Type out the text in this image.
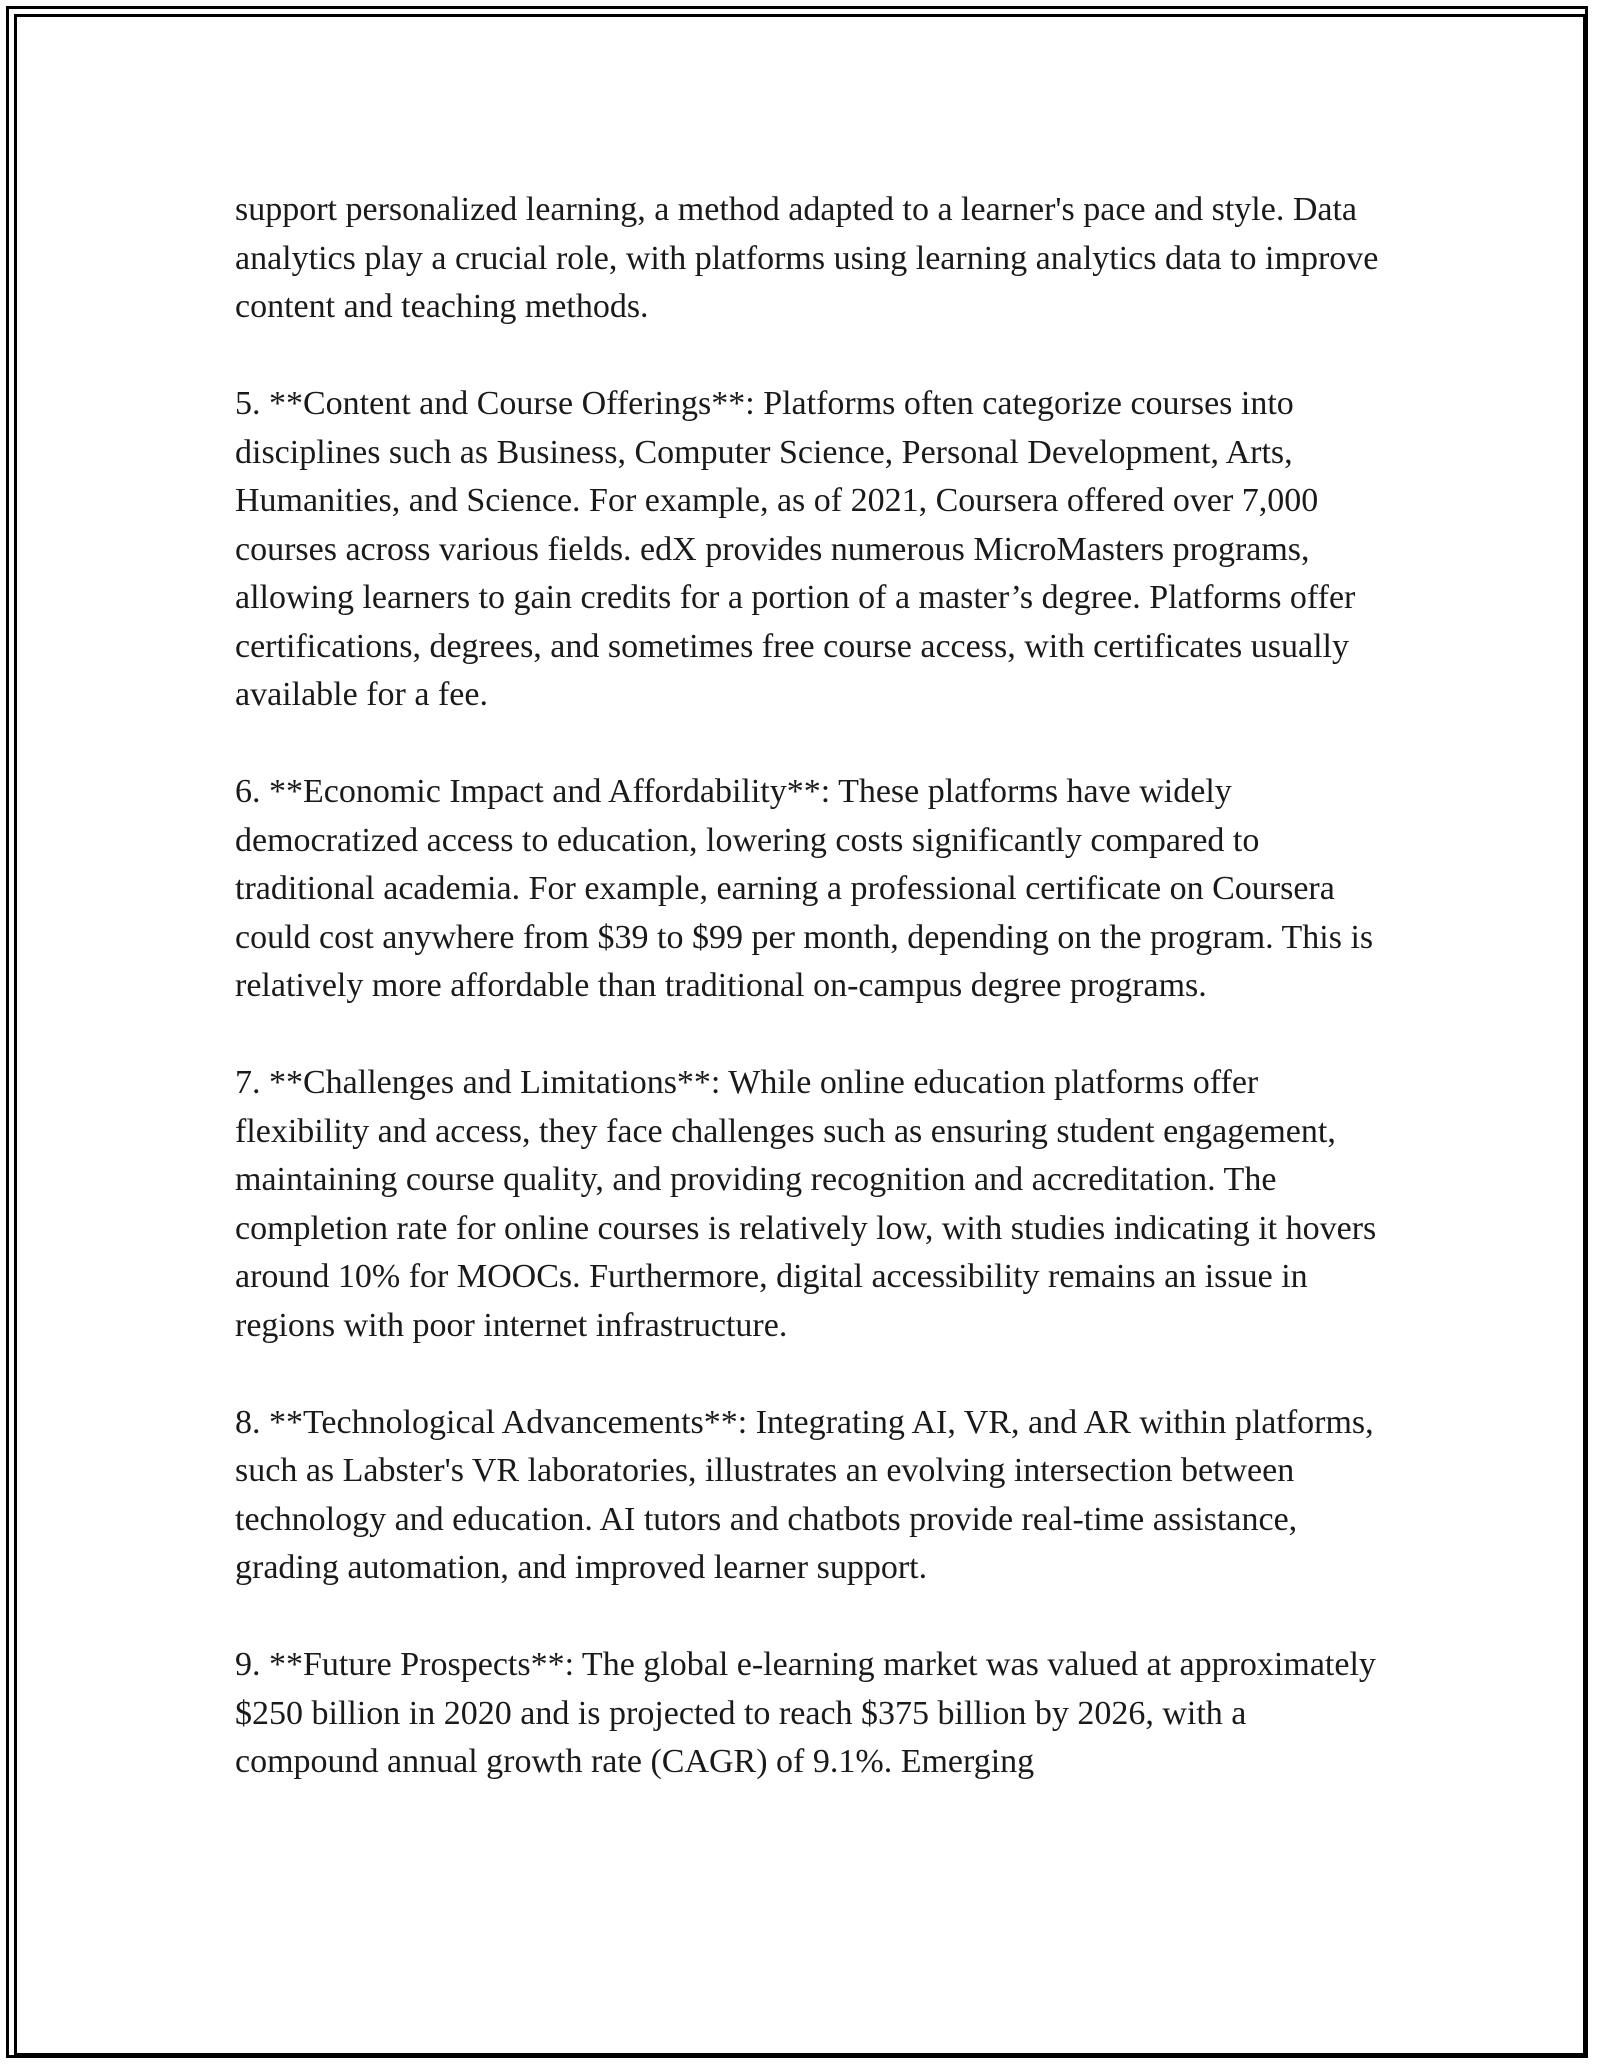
support personalized learning, a method adapted to a learner's pace and style. Data analytics play a crucial role, with platforms using learning analytics data to improve content and teaching methods.

5. **Content and Course Offerings**: Platforms often categorize courses into disciplines such as Business, Computer Science, Personal Development, Arts, Humanities, and Science. For example, as of 2021, Coursera offered over 7,000 courses across various fields. edX provides numerous MicroMasters programs, allowing learners to gain credits for a portion of a master’s degree. Platforms offer certifications, degrees, and sometimes free course access, with certificates usually available for a fee.

6. **Economic Impact and Affordability**: These platforms have widely democratized access to education, lowering costs significantly compared to traditional academia. For example, earning a professional certificate on Coursera could cost anywhere from $39 to $99 per month, depending on the program. This is relatively more affordable than traditional on-campus degree programs.

7. **Challenges and Limitations**: While online education platforms offer flexibility and access, they face challenges such as ensuring student engagement, maintaining course quality, and providing recognition and accreditation. The completion rate for online courses is relatively low, with studies indicating it hovers around 10% for MOOCs. Furthermore, digital accessibility remains an issue in regions with poor internet infrastructure.

8. **Technological Advancements**: Integrating AI, VR, and AR within platforms, such as Labster's VR laboratories, illustrates an evolving intersection between technology and education. AI tutors and chatbots provide real-time assistance, grading automation, and improved learner support.

9. **Future Prospects**: The global e-learning market was valued at approximately $250 billion in 2020 and is projected to reach $375 billion by 2026, with a compound annual growth rate (CAGR) of 9.1%. Emerging
